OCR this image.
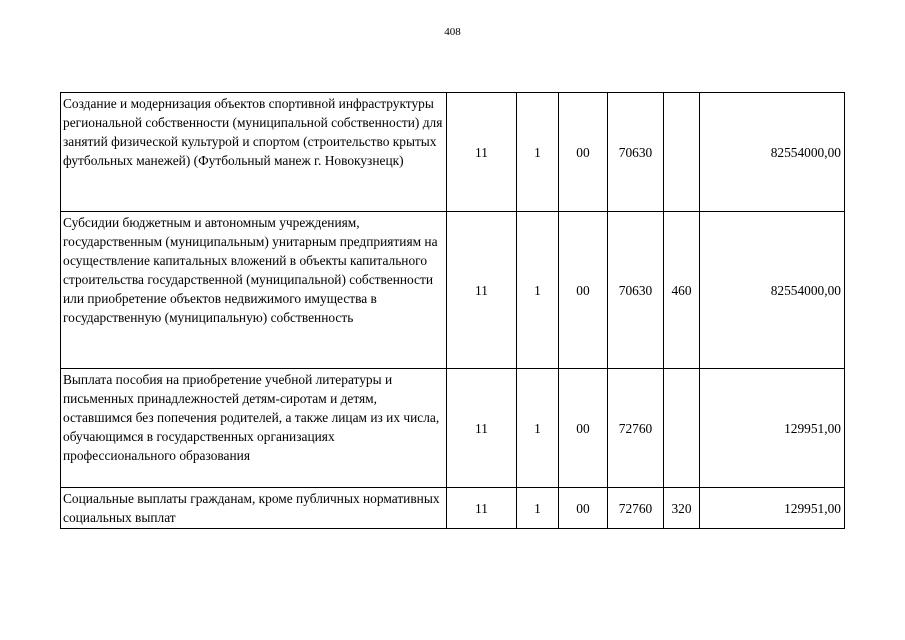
408
Создание и модернизация объектов спортивной инфраструктуры региональной собственности (муниципальной собственности) для занятий физической культурой и спортом (строительство крытых футбольных манежей) (Футбольный манеж г. Новокузнецк)	11	1	00	70630		82554000,00
Субсидии бюджетным и автономным учреждениям, государственным (муниципальным) унитарным предприятиям на осуществление капитальных вложений в объекты капитального строительства государственной (муниципальной) собственности или приобретение объектов недвижимого имущества в государственную (муниципальную) собственность	11	1	00	70630	460	82554000,00
Выплата пособия на приобретение учебной литературы и письменных принадлежностей детям-сиротам и детям, оставшимся без попечения родителей, а также лицам из их числа, обучающимся в государственных организациях профессионального образования	11	1	00	72760		129951,00
Социальные выплаты гражданам, кроме публичных нормативных социальных выплат	11	1	00	72760	320	129951,00
